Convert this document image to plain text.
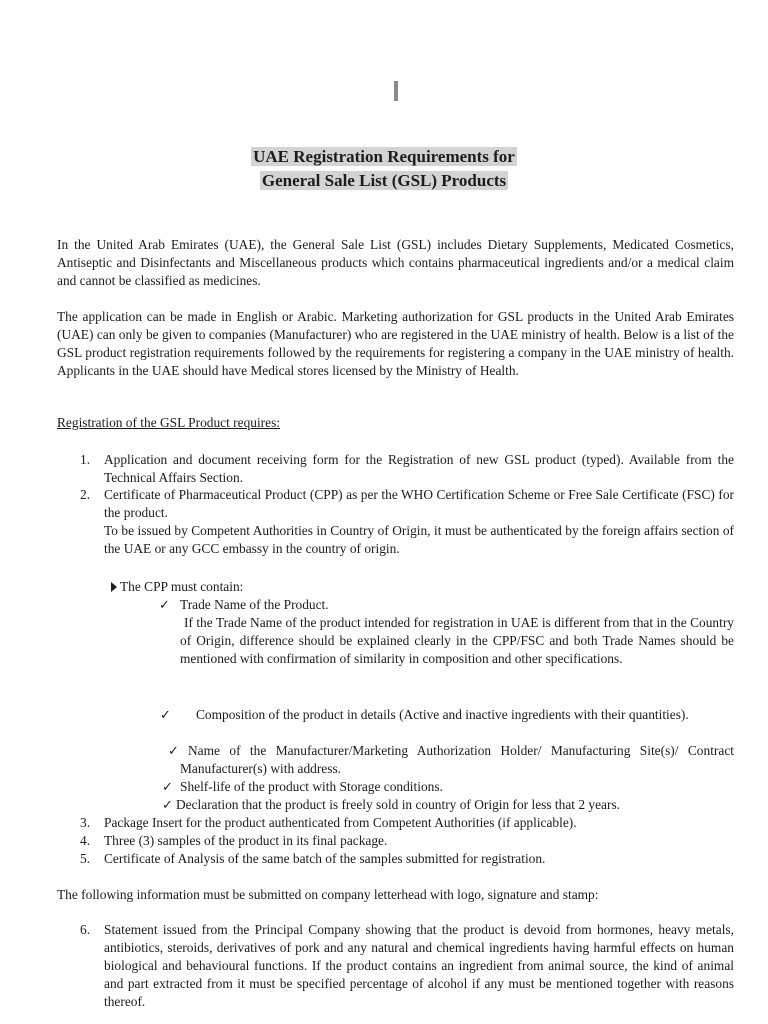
UAE Registration Requirements for
General Sale List (GSL) Products
In the United Arab Emirates (UAE), the General Sale List (GSL) includes Dietary Supplements, Medicated Cosmetics, Antiseptic and Disinfectants and Miscellaneous products which contains pharmaceutical ingredients and/or a medical claim and cannot be classified as medicines.
The application can be made in English or Arabic. Marketing authorization for GSL products in the United Arab Emirates (UAE) can only be given to companies (Manufacturer) who are registered in the UAE ministry of health. Below is a list of the GSL product registration requirements followed by the requirements for registering a company in the UAE ministry of health. Applicants in the UAE should have Medical stores licensed by the Ministry of Health.
Registration of the GSL Product requires:
1.	Application and document receiving form for the Registration of new GSL product (typed). Available from the Technical Affairs Section.
2.	Certificate of Pharmaceutical Product (CPP) as per the WHO Certification Scheme or Free Sale Certificate (FSC) for the product.
To be issued by Competent Authorities in Country of Origin, it must be authenticated by the foreign affairs section of the UAE or any GCC embassy in the country of origin.
The CPP must contain:
✓ Trade Name of the Product.
If the Trade Name of the product intended for registration in UAE is different from that in the Country of Origin, difference should be explained clearly in the CPP/FSC and both Trade Names should be mentioned with confirmation of similarity in composition and other specifications.
✓	Composition of the product in details (Active and inactive ingredients with their quantities).
✓ Name of the Manufacturer/Marketing Authorization Holder/ Manufacturing Site(s)/ Contract Manufacturer(s) with address.
✓ Shelf-life of the product with Storage conditions.
✓ Declaration that the product is freely sold in country of Origin for less that 2 years.
3.	Package Insert for the product authenticated from Competent Authorities (if applicable).
4.	Three (3) samples of the product in its final package.
5.	Certificate of Analysis of the same batch of the samples submitted for registration.
The following information must be submitted on company letterhead with logo, signature and stamp:
6.	Statement issued from the Principal Company showing that the product is devoid from hormones, heavy metals, antibiotics, steroids, derivatives of pork and any natural and chemical ingredients having harmful effects on human biological and behavioural functions. If the product contains an ingredient from animal source, the kind of animal and part extracted from it must be specified percentage of alcohol if any must be mentioned together with reasons thereof.
